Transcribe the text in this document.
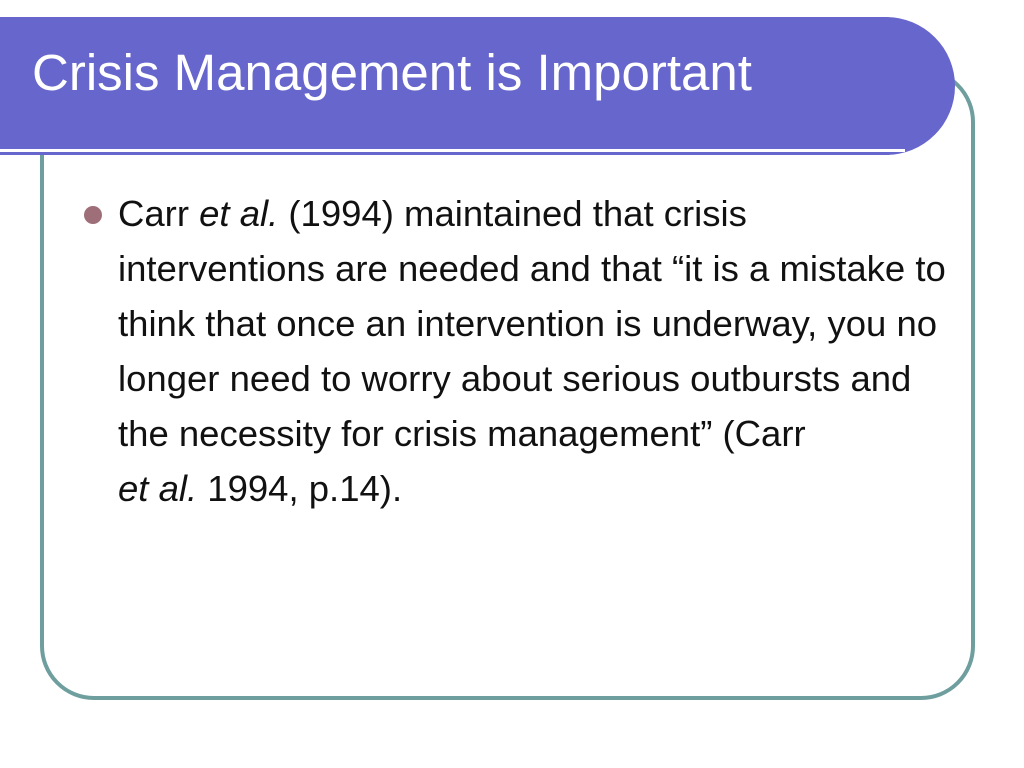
Crisis Management is Important
Carr et al. (1994) maintained that crisis interventions are needed and that “it is a mistake to think that once an intervention is underway, you no longer need to worry about serious outbursts and the necessity for crisis management” (Carr
et al. 1994, p.14).
